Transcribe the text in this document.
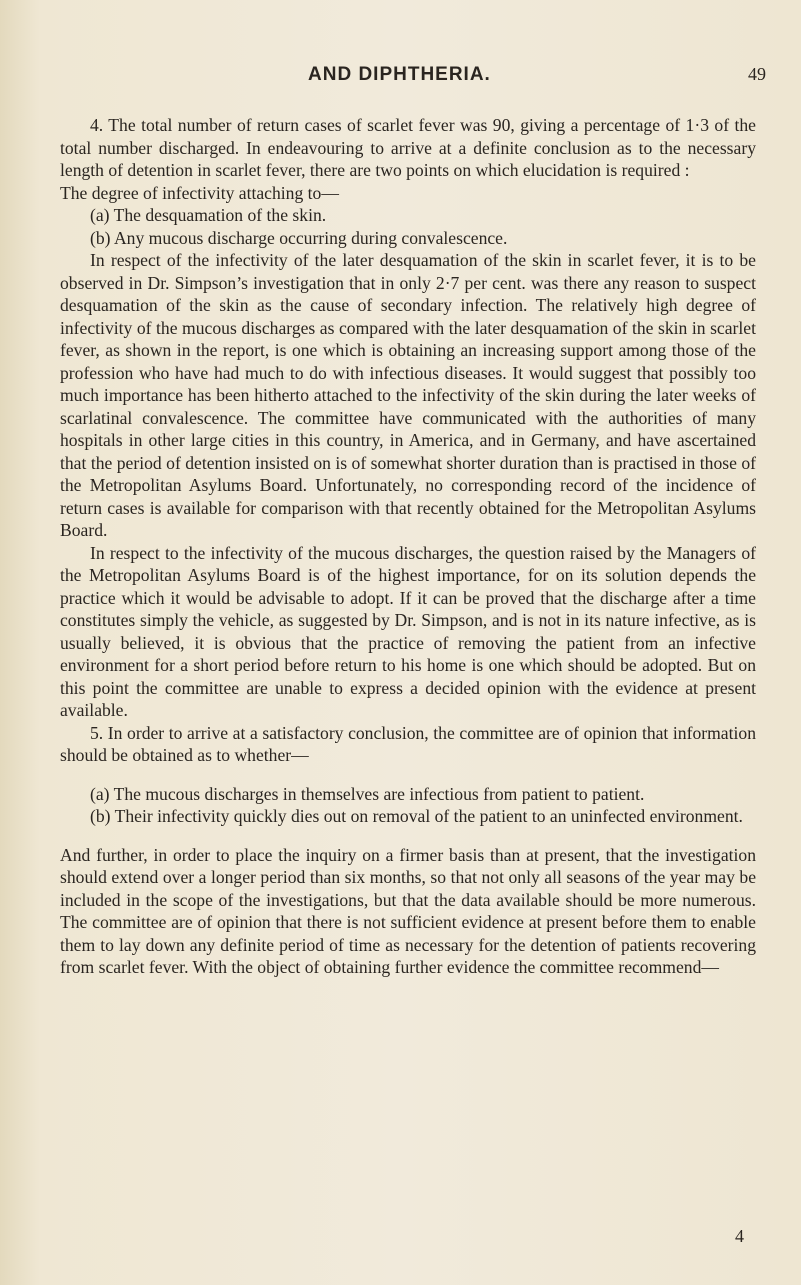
AND DIPHTHERIA.	49

4. The total number of return cases of scarlet fever was 90, giving a percentage of 1·3 of the total number discharged. In endeavouring to arrive at a definite conclusion as to the necessary length of detention in scarlet fever, there are two points on which elucidation is required :

The degree of infectivity attaching to—

(a) The desquamation of the skin.

(b) Any mucous discharge occurring during convalescence.

In respect of the infectivity of the later desquamation of the skin in scarlet fever, it is to be observed in Dr. Simpson’s investigation that in only 2·7 per cent. was there any reason to suspect desquamation of the skin as the cause of secondary infection. The relatively high degree of infectivity of the mucous discharges as compared with the later desquamation of the skin in scarlet fever, as shown in the report, is one which is obtaining an increasing support among those of the profession who have had much to do with infectious diseases. It would suggest that possibly too much importance has been hitherto attached to the infectivity of the skin during the later weeks of scarlatinal convalescence. The committee have communicated with the authorities of many hospitals in other large cities in this country, in America, and in Germany, and have ascertained that the period of detention insisted on is of somewhat shorter duration than is practised in those of the Metropolitan Asylums Board. Unfortunately, no corresponding record of the incidence of return cases is available for comparison with that recently obtained for the Metropolitan Asylums Board.

In respect to the infectivity of the mucous discharges, the question raised by the Managers of the Metropolitan Asylums Board is of the highest importance, for on its solution depends the practice which it would be advisable to adopt. If it can be proved that the discharge after a time constitutes simply the vehicle, as suggested by Dr. Simpson, and is not in its nature infective, as is usually believed, it is obvious that the practice of removing the patient from an infective environment for a short period before return to his home is one which should be adopted. But on this point the committee are unable to express a decided opinion with the evidence at present available.

5. In order to arrive at a satisfactory conclusion, the committee are of opinion that information should be obtained as to whether—

(a) The mucous discharges in themselves are infectious from patient to patient.

(b) Their infectivity quickly dies out on removal of the patient to an uninfected environment.

And further, in order to place the inquiry on a firmer basis than at present, that the investigation should extend over a longer period than six months, so that not only all seasons of the year may be included in the scope of the investigations, but that the data available should be more numerous. The committee are of opinion that there is not sufficient evidence at present before them to enable them to lay down any definite period of time as necessary for the detention of patients recovering from scarlet fever. With the object of obtaining further evidence the committee recommend—

4
